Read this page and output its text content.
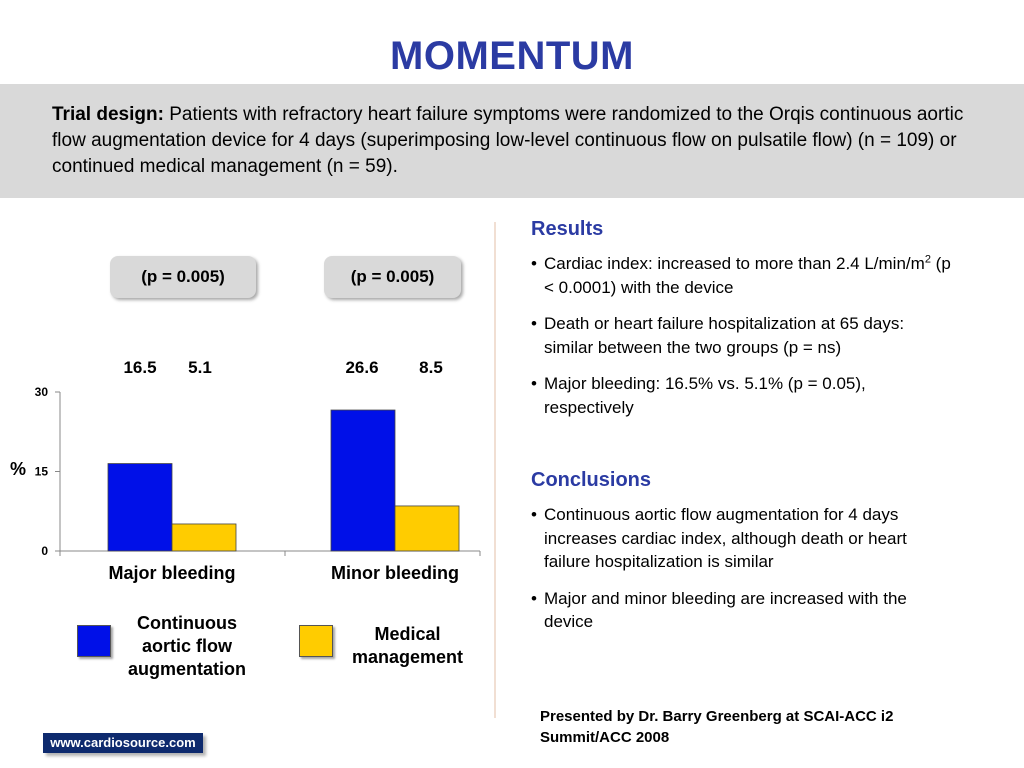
MOMENTUM
Trial design: Patients with refractory heart failure symptoms were randomized to the Orqis continuous aortic flow augmentation device for 4 days (superimposing low-level continuous flow on pulsatile flow) (n = 109) or continued medical management (n = 59).
(p = 0.005)	(p = 0.005)
0
15
30
%
16.5 5.1
Major bleeding
26.6 8.5
Minor bleeding
Continuous aortic flow augmentation
Medical management
Results
• Cardiac index: increased to more than 2.4 $L/\min/m^2$ (p < 0.0001) with the device
• Death or heart failure hospitalization at 65 days: similar between the two groups (p = ns)
• Major bleeding: 16.5% vs. 5.1% (p = 0.05), respectively
Conclusions
• Continuous aortic flow augmentation for 4 days increases cardiac index, although death or heart failure hospitalization is similar
• Major and minor bleeding are increased with the device
Presented by Dr. Barry Greenberg at SCAI-ACC i2 Summit/ACC 2008
www.cardiosource.com
